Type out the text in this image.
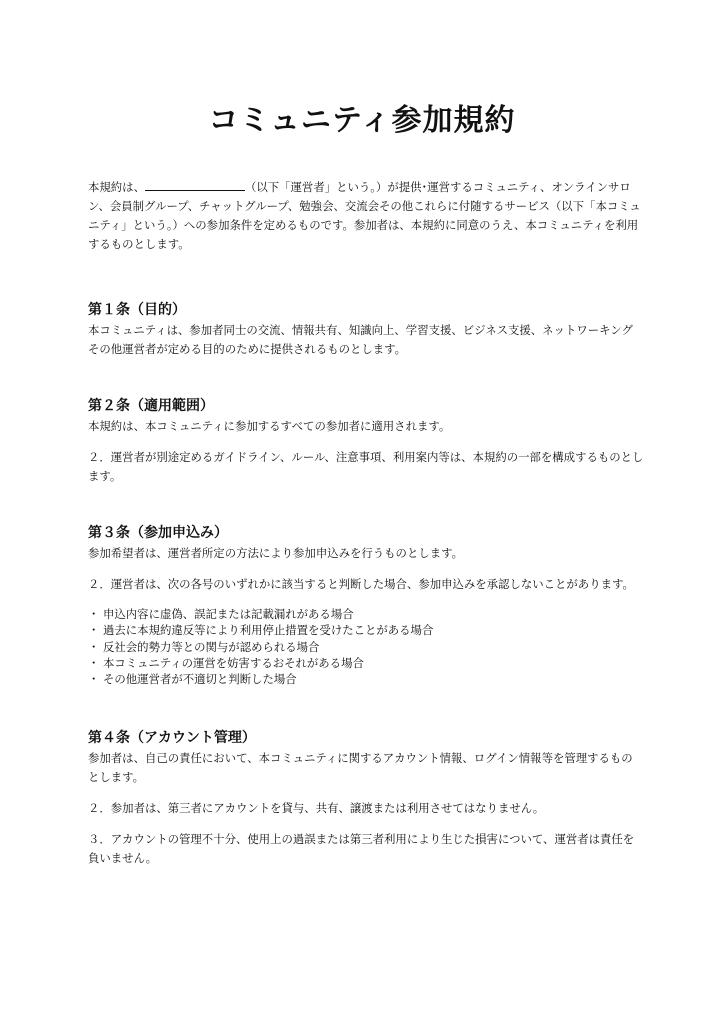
コミュニティ参加規約

本規約は、	（以下「運営者」という。）が提供･運営するコミュニティ、オンラインサロン、会員制グループ、チャットグループ、勉強会、交流会その他これらに付随するサービス（以下「本コミュニティ」という。）への参加条件を定めるものです。参加者は、本規約に同意のうえ、本コミュニティを利用するものとします。

第１条（目的）

本コミュニティは、参加者同士の交流、情報共有、知識向上、学習支援、ビジネス支援、ネットワーキングその他運営者が定める目的のために提供されるものとします。

第２条（適用範囲）

本規約は、本コミュニティに参加するすべての参加者に適用されます。

２．運営者が別途定めるガイドライン、ルール、注意事項、利用案内等は、本規約の一部を構成するものとします。

第３条（参加申込み）

参加希望者は、運営者所定の方法により参加申込みを行うものとします。

２．運営者は、次の各号のいずれかに該当すると判断した場合、参加申込みを承認しないことがあります。

・ 申込内容に虚偽、誤記または記載漏れがある場合
・ 過去に本規約違反等により利用停止措置を受けたことがある場合
・ 反社会的勢力等との関与が認められる場合
・ 本コミュニティの運営を妨害するおそれがある場合
・ その他運営者が不適切と判断した場合
第４条（アカウント管理）

参加者は、自己の責任において、本コミュニティに関するアカウント情報、ログイン情報等を管理するものとします。

２．参加者は、第三者にアカウントを貸与、共有、譲渡または利用させてはなりません。

３．アカウントの管理不十分、使用上の過誤または第三者利用により生じた損害について、運営者は責任を負いません。
